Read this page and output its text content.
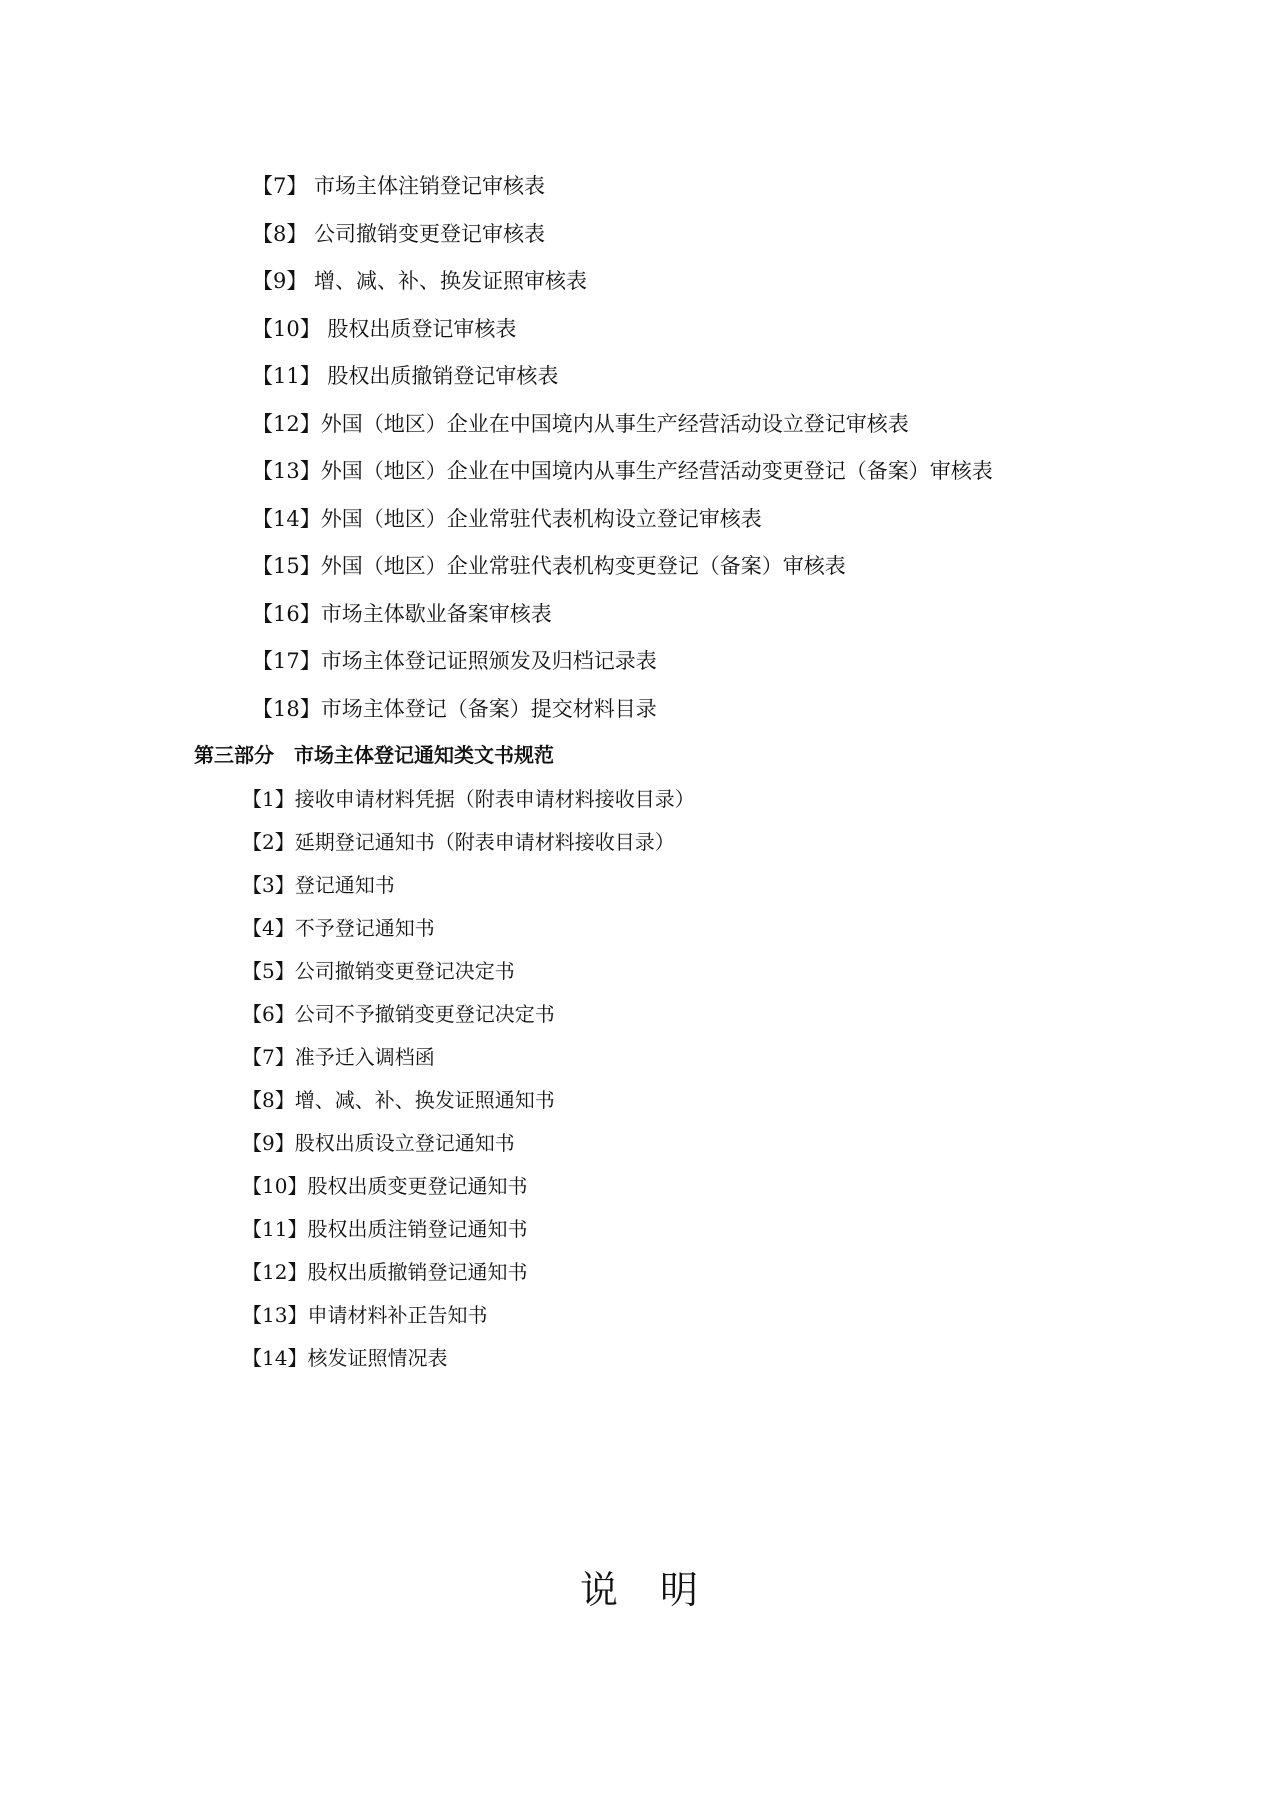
【7】 市场主体注销登记审核表
【8】 公司撤销变更登记审核表
【9】 增、减、补、换发证照审核表
【10】 股权出质登记审核表
【11】 股权出质撤销登记审核表
【12】外国（地区）企业在中国境内从事生产经营活动设立登记审核表
【13】外国（地区）企业在中国境内从事生产经营活动变更登记（备案）审核表
【14】外国（地区）企业常驻代表机构设立登记审核表
【15】外国（地区）企业常驻代表机构变更登记（备案）审核表
【16】市场主体歇业备案审核表
【17】市场主体登记证照颁发及归档记录表
【18】市场主体登记（备案）提交材料目录
第三部分　市场主体登记通知类文书规范
【1】接收申请材料凭据（附表申请材料接收目录）
【2】延期登记通知书（附表申请材料接收目录）
【3】登记通知书
【4】不予登记通知书
【5】公司撤销变更登记决定书
【6】公司不予撤销变更登记决定书
【7】准予迁入调档函
【8】增、减、补、换发证照通知书
【9】股权出质设立登记通知书
【10】股权出质变更登记通知书
【11】股权出质注销登记通知书
【12】股权出质撤销登记通知书
【13】申请材料补正告知书
【14】核发证照情况表
说　明
